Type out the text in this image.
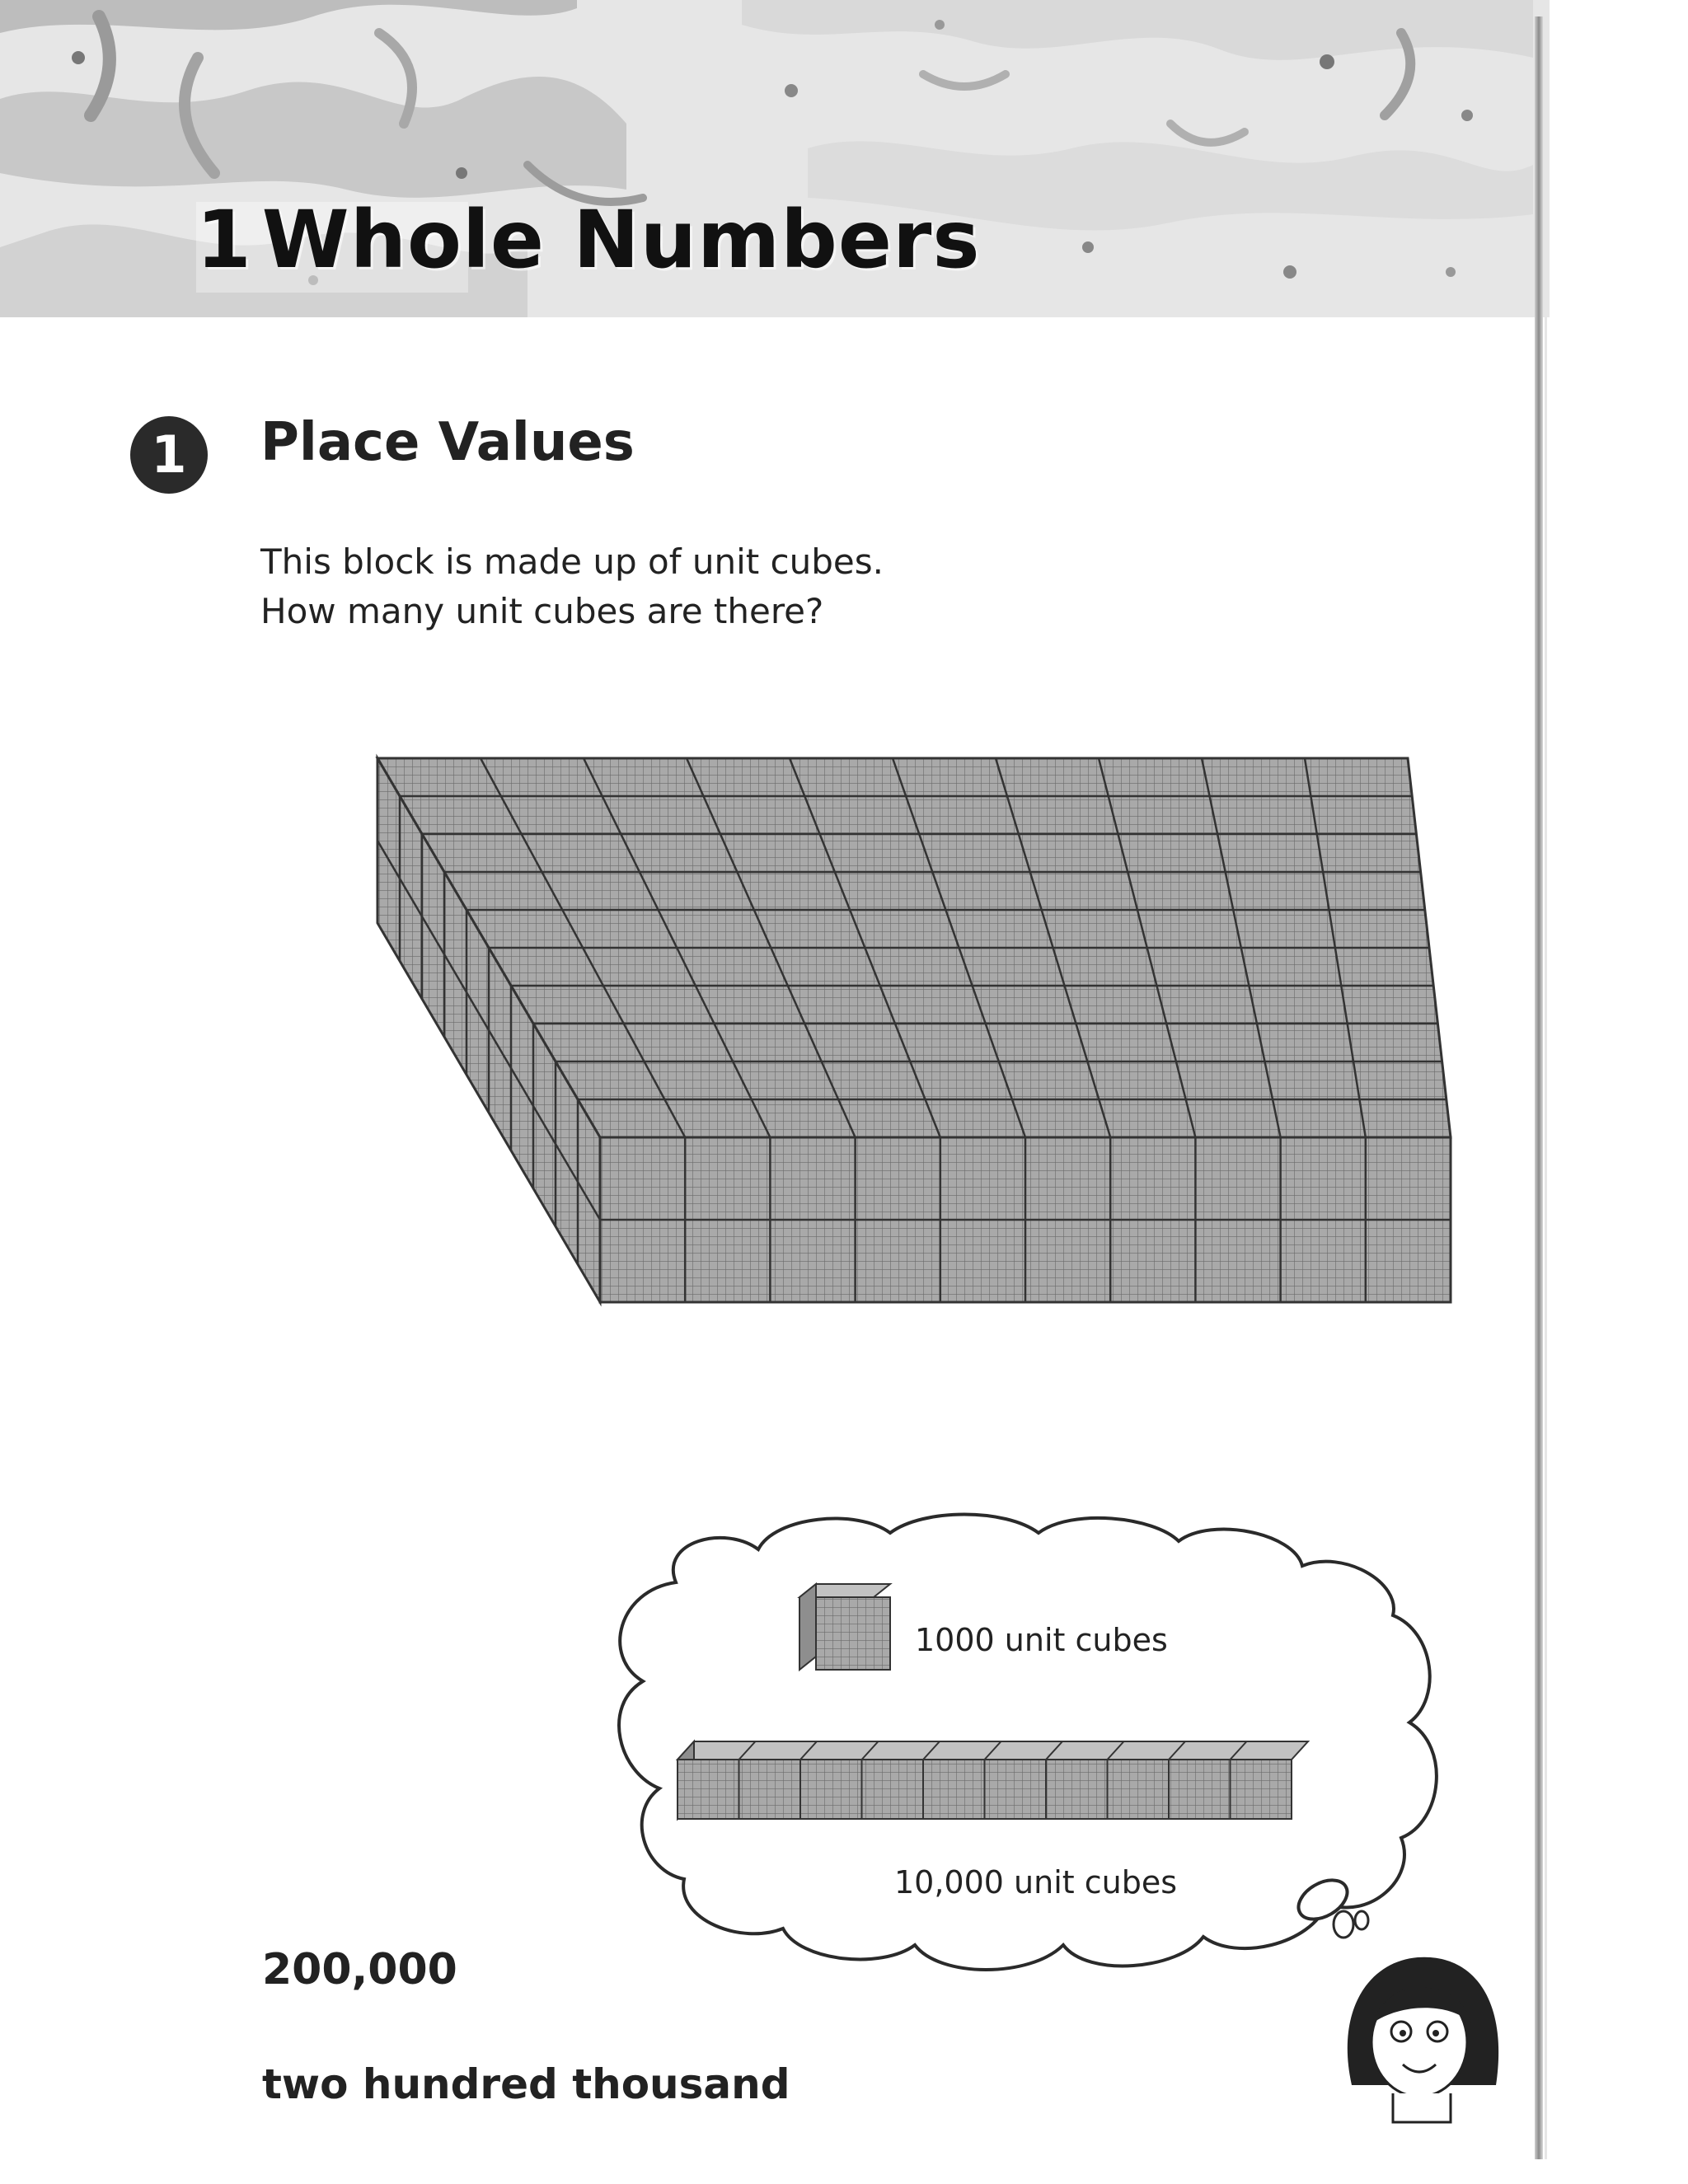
1 Whole Numbers
1	Place Values

This block is made up of unit cubes.

How many unit cubes are there?

1000 unit cubes
10,000 unit cubes

200,000

two hundred thousand
